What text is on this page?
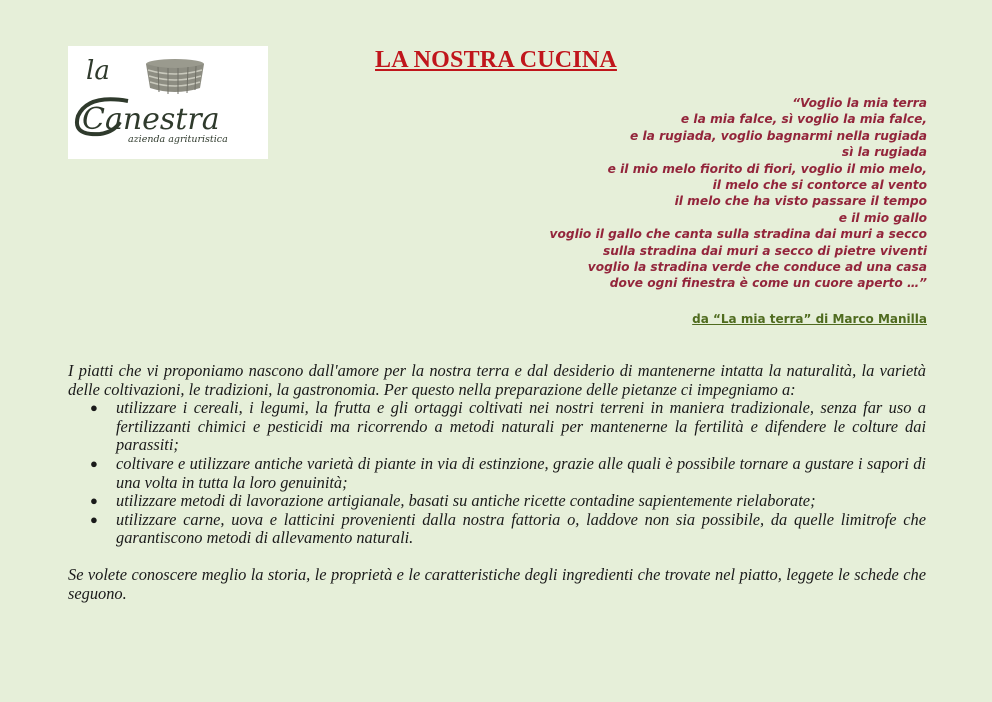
la
Canestra
azienda agrituristica
LA NOSTRA CUCINA
“Voglio la mia terra
e la mia falce, sì voglio la mia falce,
e la rugiada, voglio bagnarmi nella rugiada
sì la rugiada
e il mio melo fiorito di fiori, voglio il mio melo,
il melo che si contorce al vento
il melo che ha visto passare il tempo
e il mio gallo
voglio il gallo che canta sulla stradina dai muri a secco
sulla stradina dai muri a secco di pietre viventi
voglio la stradina verde che conduce ad una casa
dove ogni finestra è come un cuore aperto …”
da “La mia terra” di Marco Manilla

I piatti che vi proponiamo nascono dall'amore per la nostra terra e dal desiderio di mantenerne intatta la naturalità, la varietà delle coltivazioni, le tradizioni, la gastronomia. Per questo nella preparazione delle pietanze ci impegniamo a:

● utilizzare i cereali, i legumi, la frutta e gli ortaggi coltivati nei nostri terreni in maniera tradizionale, senza far uso a fertilizzanti chimici e pesticidi ma ricorrendo a metodi naturali per mantenerne la fertilità e difendere le colture dai parassiti;
● coltivare e utilizzare antiche varietà di piante in via di estinzione, grazie alle quali è possibile tornare a gustare i sapori di una volta in tutta la loro genuinità;
● utilizzare metodi di lavorazione artigianale, basati su antiche ricette contadine sapientemente rielaborate;
● utilizzare carne, uova e latticini provenienti dalla nostra fattoria o, laddove non sia possibile, da quelle limitrofe che garantiscono metodi di allevamento naturali.

Se volete conoscere meglio la storia, le proprietà e le caratteristiche degli ingredienti che trovate nel piatto, leggete le schede che seguono.
